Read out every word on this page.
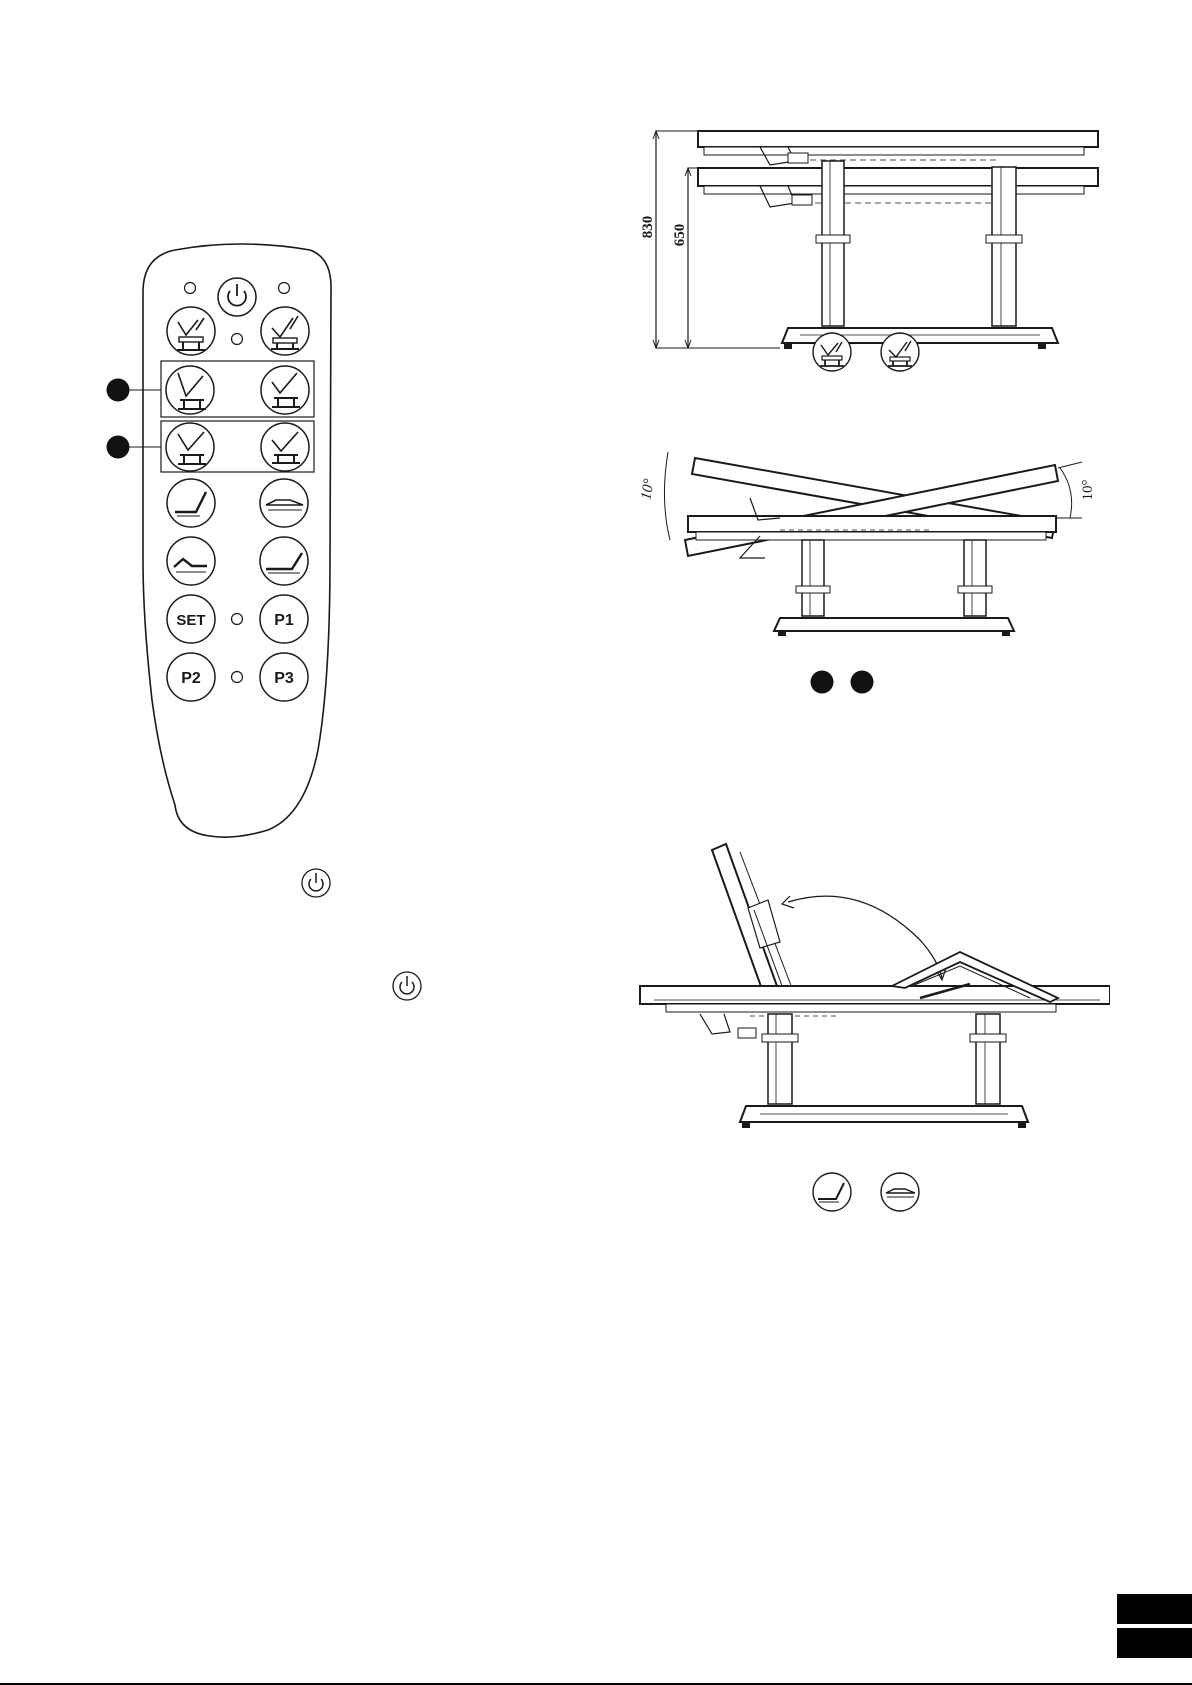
SET	P1
P2	P3
830 650
10°	10°
